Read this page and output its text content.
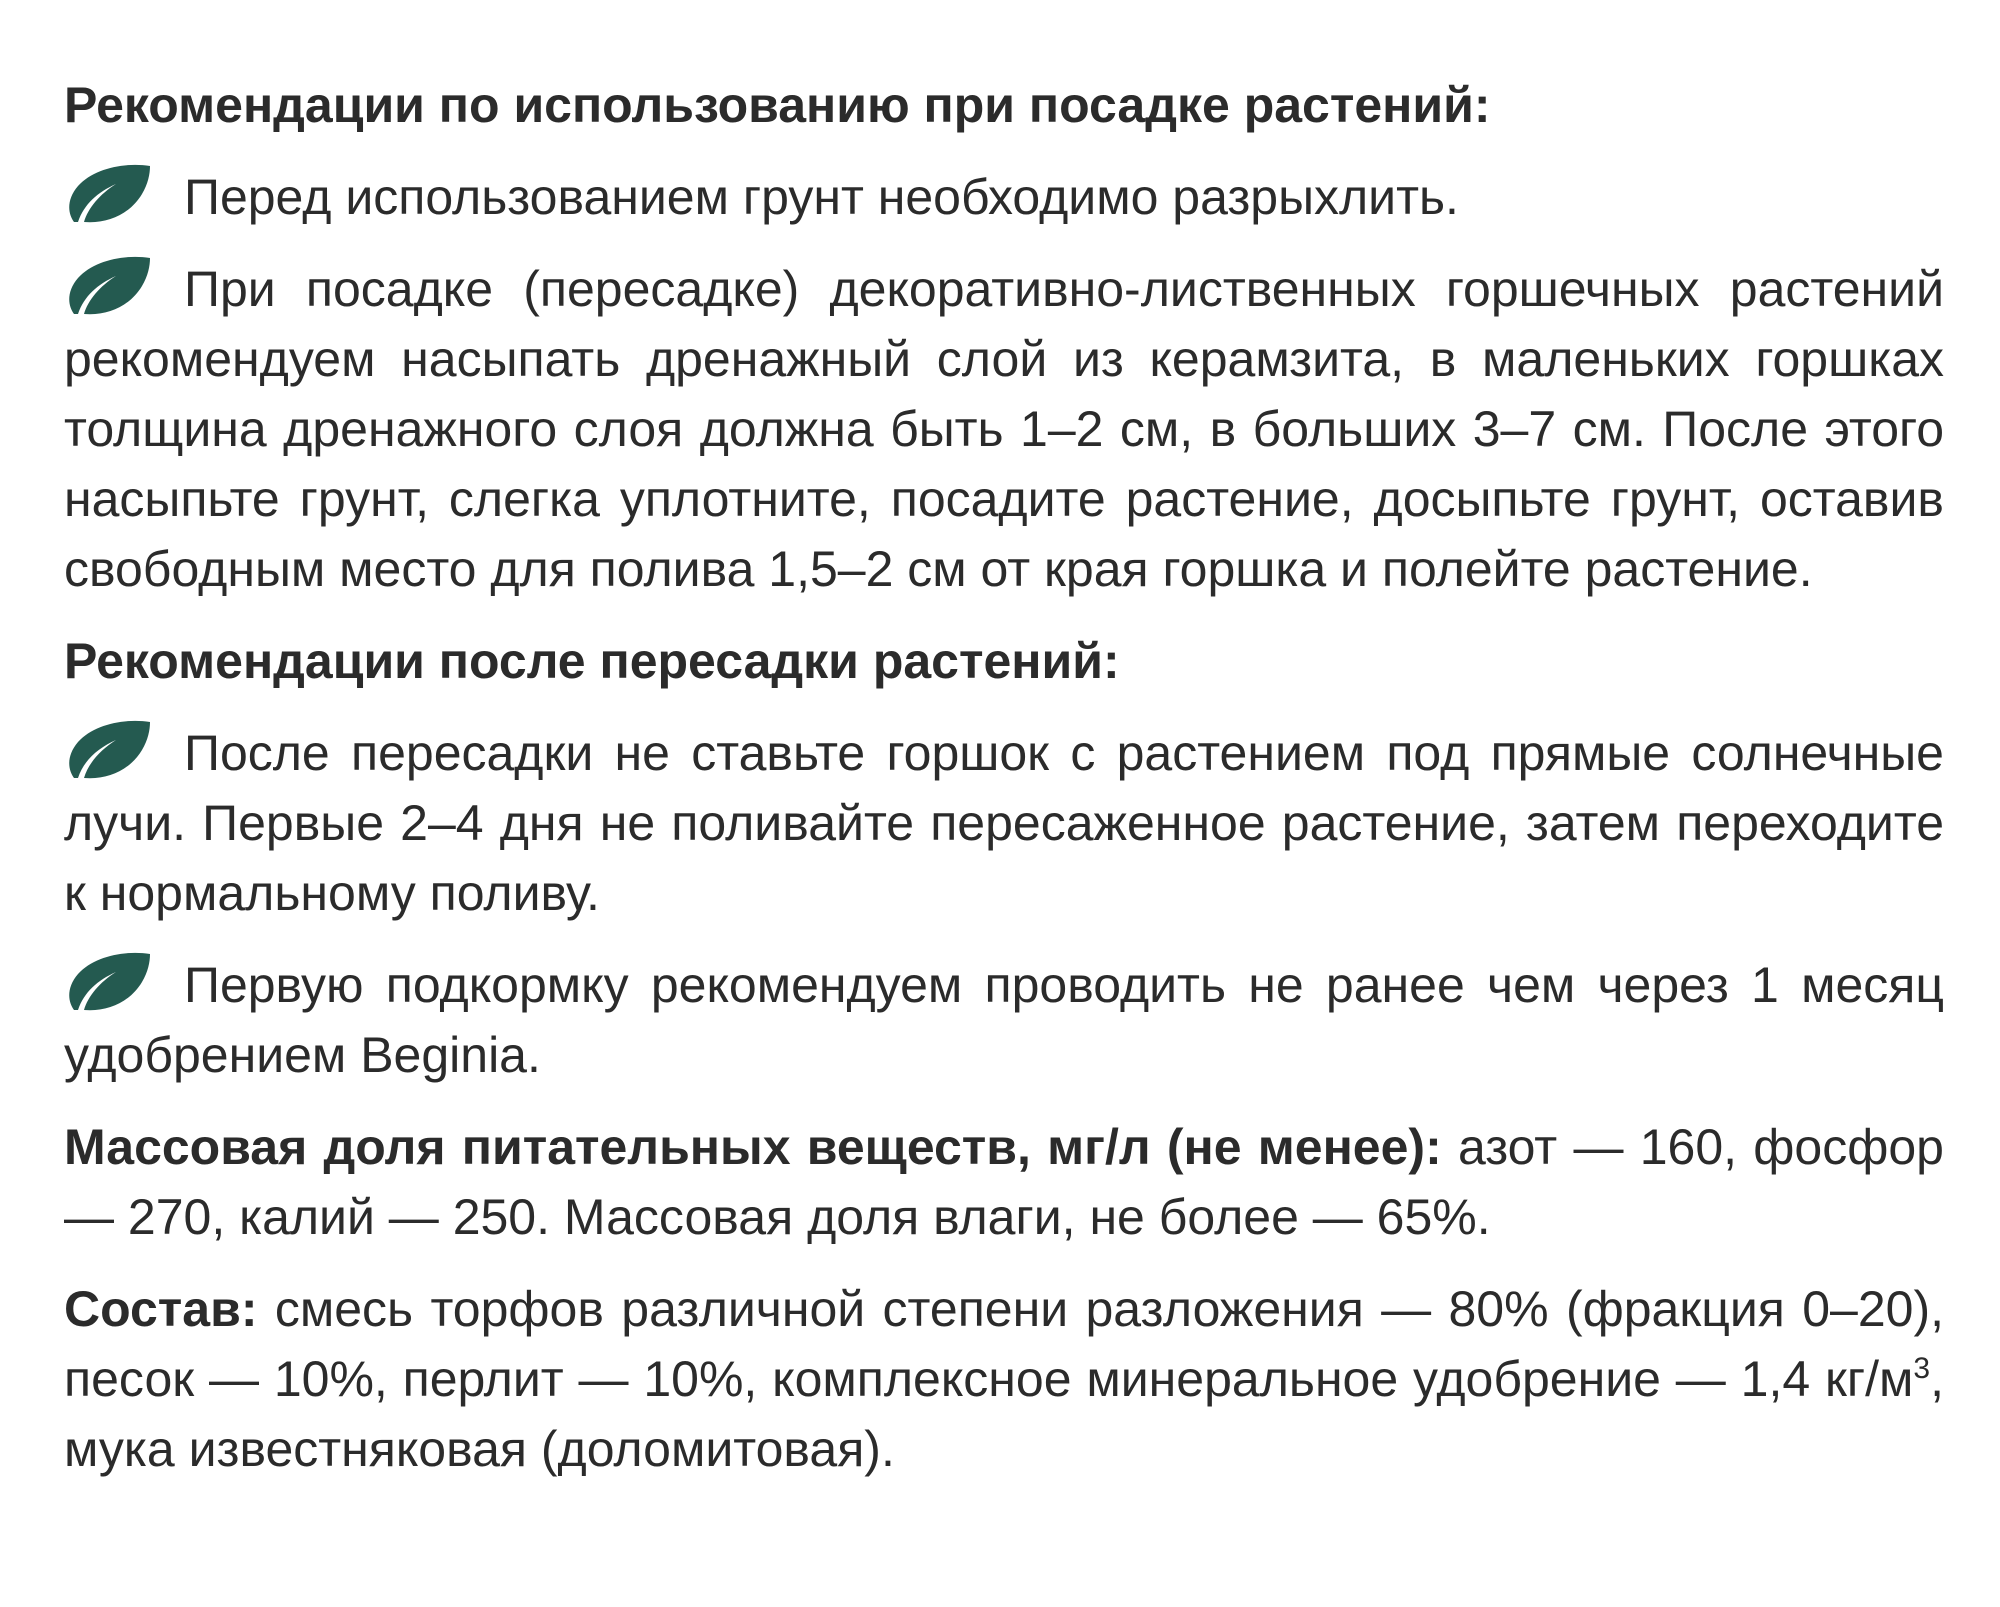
Рекомендации по использованию при посадке растений:
Перед использованием грунт необходимо разрыхлить.
При посадке (пересадке) декоративно-лиственных горшечных растений рекомендуем насыпать дренажный слой из керамзита, в маленьких горшках толщина дренажного слоя должна быть 1–2 см, в больших 3–7 см. После этого насыпьте грунт, слегка уплотните, посадите растение, досыпьте грунт, оставив свободным место для полива 1,5–2 см от края горшка и полейте растение.
Рекомендации после пересадки растений:
После пересадки не ставьте горшок с растением под прямые солнечные лучи. Первые 2–4 дня не поливайте пересаженное растение, затем переходите к нормальному поливу.
Первую подкормку рекомендуем проводить не ранее чем через 1 месяц удобрением Beginia.
Массовая доля питательных веществ, мг/л (не менее): азот — 160, фосфор — 270, калий — 250. Массовая доля влаги, не более — 65%.
Состав: смесь торфов различной степени разложения — 80% (фракция 0–20), песок — 10%, перлит — 10%, комплексное минеральное удобрение — 1,4 $кг/м^3$, мука известняковая (доломитовая).
